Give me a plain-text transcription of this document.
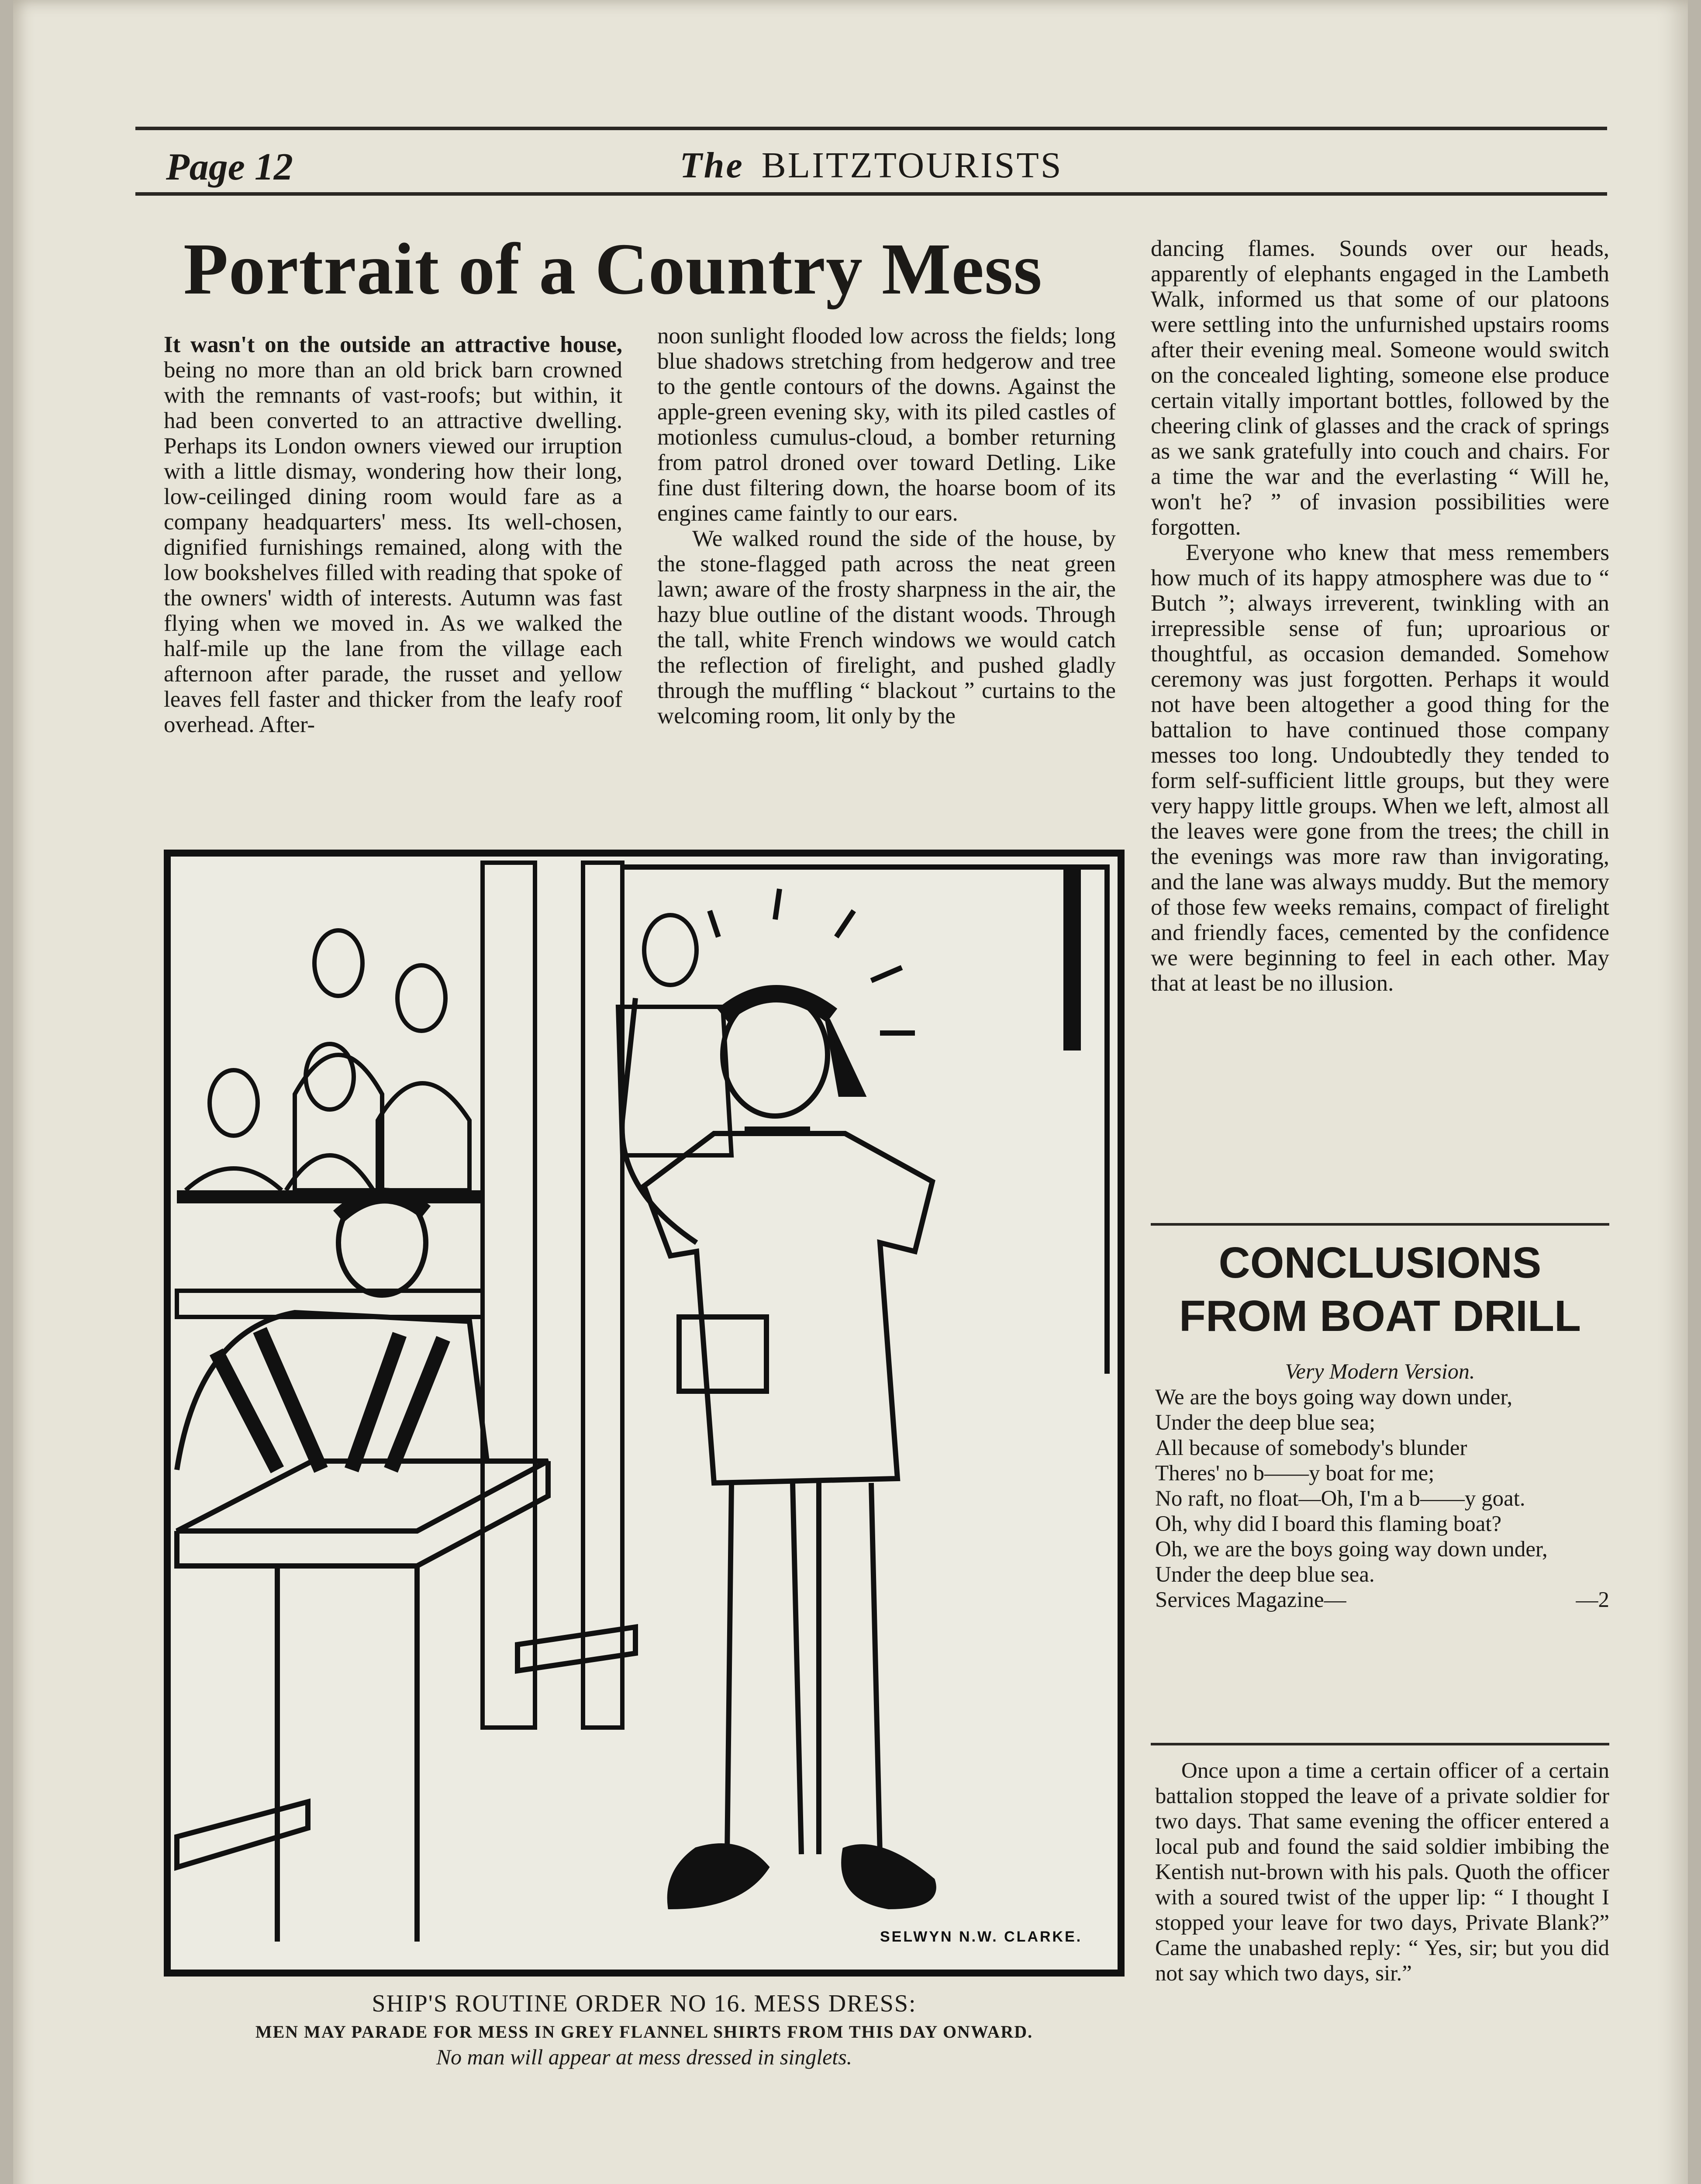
Page 12	The BLITZTOURISTS
Portrait of a Country Mess

It wasn't on the outside an attractive house, being no more than an old brick barn crowned with the remnants of vast-roofs; but within, it had been converted to an attractive dwelling. Perhaps its London owners viewed our irruption with a little dismay, wondering how their long, low-ceilinged dining room would fare as a company headquarters' mess. Its well-chosen, dignified furnishings remained, along with the low bookshelves filled with reading that spoke of the owners' width of interests. Autumn was fast flying when we moved in. As we walked the half-mile up the lane from the village each afternoon after parade, the russet and yellow leaves fell faster and thicker from the leafy roof overhead. After-

noon sunlight flooded low across the fields; long blue shadows stretching from hedgerow and tree to the gentle contours of the downs. Against the apple-green evening sky, with its piled castles of motionless cumulus-cloud, a bomber returning from patrol droned over toward Detling. Like fine dust filtering down, the hoarse boom of its engines came faintly to our ears.

We walked round the side of the house, by the stone-flagged path across the neat green lawn; aware of the frosty sharpness in the air, the hazy blue outline of the distant woods. Through the tall, white French windows we would catch the reflection of firelight, and pushed gladly through the muffling “ blackout ” curtains to the welcoming room, lit only by the

dancing flames. Sounds over our heads, apparently of elephants engaged in the Lambeth Walk, informed us that some of our platoons were settling into the unfurnished upstairs rooms after their evening meal. Someone would switch on the concealed lighting, someone else produce certain vitally important bottles, followed by the cheering clink of glasses and the crack of springs as we sank gratefully into couch and chairs. For a time the war and the everlasting “ Will he, won't he? ” of invasion possibilities were forgotten.

Everyone who knew that mess remembers how much of its happy atmosphere was due to “ Butch ”; always irreverent, twinkling with an irrepressible sense of fun; uproarious or thoughtful, as occasion demanded. Somehow ceremony was just forgotten. Perhaps it would not have been altogether a good thing for the battalion to have continued those company messes too long. Undoubtedly they tended to form self-sufficient little groups, but they were very happy little groups. When we left, almost all the leaves were gone from the trees; the chill in the evenings was more raw than invigorating, and the lane was always muddy. But the memory of those few weeks remains, compact of firelight and friendly faces, cemented by the confidence we were beginning to feel in each other. May that at least be no illusion.

SELWYN N.W. CLARKE.
SHIP'S ROUTINE ORDER NO 16. MESS DRESS:
MEN MAY PARADE FOR MESS IN GREY FLANNEL SHIRTS FROM THIS DAY ONWARD.
No man will appear at mess dressed in singlets.
CONCLUSIONS
FROM BOAT DRILL
Very Modern Version.
We are the boys going way down under,
Under the deep blue sea;
All because of somebody's blunder
Theres' no b——y boat for me;
No raft, no float—Oh, I'm a b——y goat.
Oh, why did I board this flaming boat?
Oh, we are the boys going way down under,
Under the deep blue sea.
Services Magazine—	—2
Once upon a time a certain officer of a certain battalion stopped the leave of a private soldier for two days. That same evening the officer entered a local pub and found the said soldier imbibing the Kentish nut-brown with his pals. Quoth the officer with a soured twist of the upper lip: “ I thought I stopped your leave for two days, Private Blank?” Came the unabashed reply: “ Yes, sir; but you did not say which two days, sir.”
